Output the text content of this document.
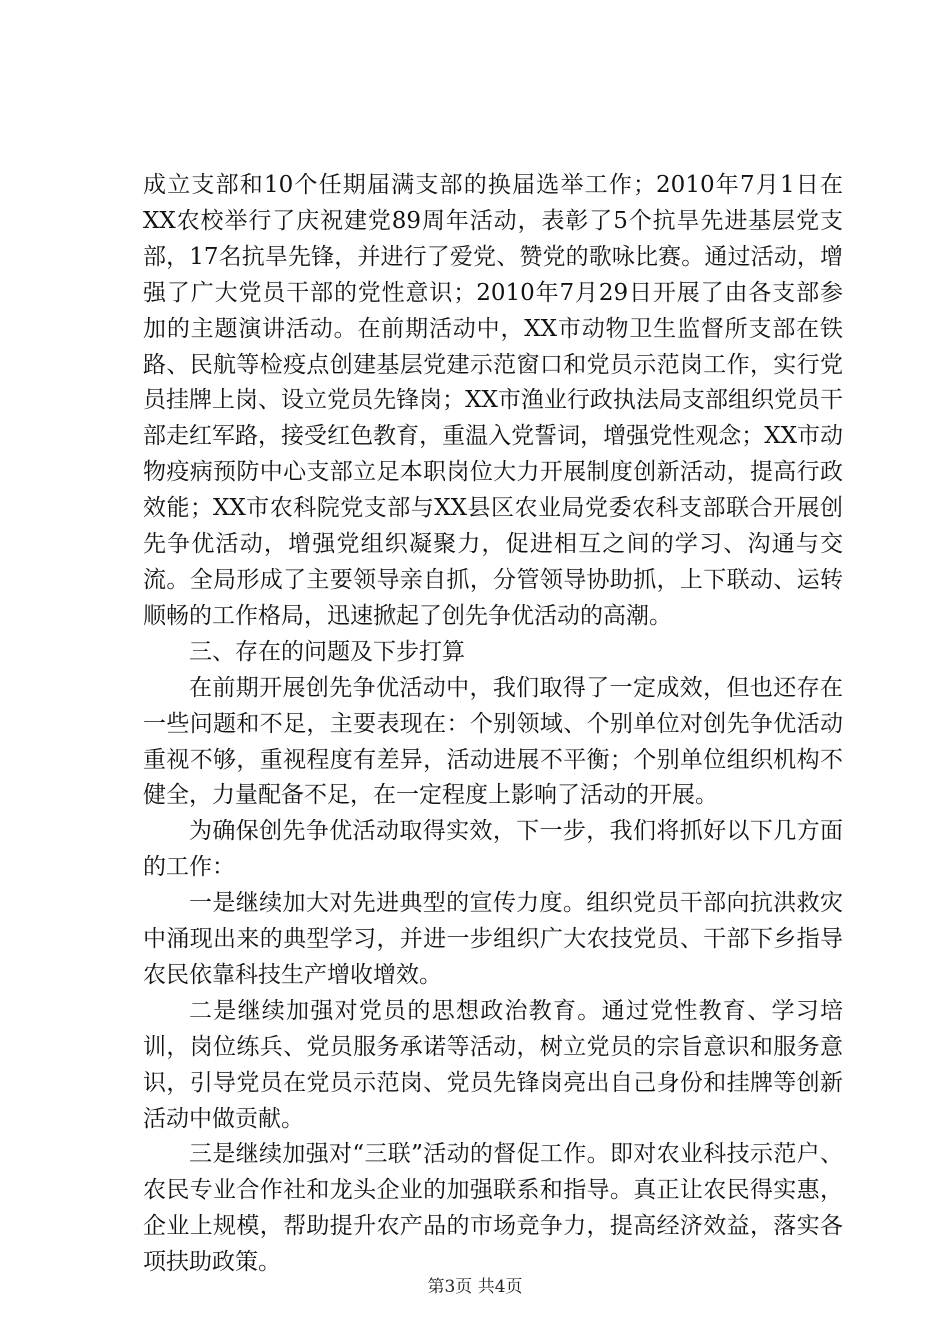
成立支部和10个任期届满支部的换届选举工作；2010年7月1日在XX农校举行了庆祝建党89周年活动，表彰了5个抗旱先进基层党支部，17名抗旱先锋，并进行了爱党、赞党的歌咏比赛。通过活动，增强了广大党员干部的党性意识；2010年7月29日开展了由各支部参加的主题演讲活动。在前期活动中，XX市动物卫生监督所支部在铁路、民航等检疫点创建基层党建示范窗口和党员示范岗工作，实行党员挂牌上岗、设立党员先锋岗；XX市渔业行政执法局支部组织党员干部走红军路，接受红色教育，重温入党誓词，增强党性观念；XX市动物疫病预防中心支部立足本职岗位大力开展制度创新活动，提高行政效能；XX市农科院党支部与XX县区农业局党委农科支部联合开展创先争优活动，增强党组织凝聚力，促进相互之间的学习、沟通与交流。全局形成了主要领导亲自抓，分管领导协助抓，上下联动、运转顺畅的工作格局，迅速掀起了创先争优活动的高潮。

三、存在的问题及下步打算

在前期开展创先争优活动中，我们取得了一定成效，但也还存在一些问题和不足，主要表现在：个别领域、个别单位对创先争优活动重视不够，重视程度有差异，活动进展不平衡；个别单位组织机构不健全，力量配备不足，在一定程度上影响了活动的开展。

为确保创先争优活动取得实效，下一步，我们将抓好以下几方面的工作：

一是继续加大对先进典型的宣传力度。组织党员干部向抗洪救灾中涌现出来的典型学习，并进一步组织广大农技党员、干部下乡指导农民依靠科技生产增收增效。

二是继续加强对党员的思想政治教育。通过党性教育、学习培训，岗位练兵、党员服务承诺等活动，树立党员的宗旨意识和服务意识，引导党员在党员示范岗、党员先锋岗亮出自己身份和挂牌等创新活动中做贡献。

三是继续加强对“三联”活动的督促工作。即对农业科技示范户、农民专业合作社和龙头企业的加强联系和指导。真正让农民得实惠，企业上规模，帮助提升农产品的市场竞争力，提高经济效益，落实各项扶助政策。

第3页 共4页
